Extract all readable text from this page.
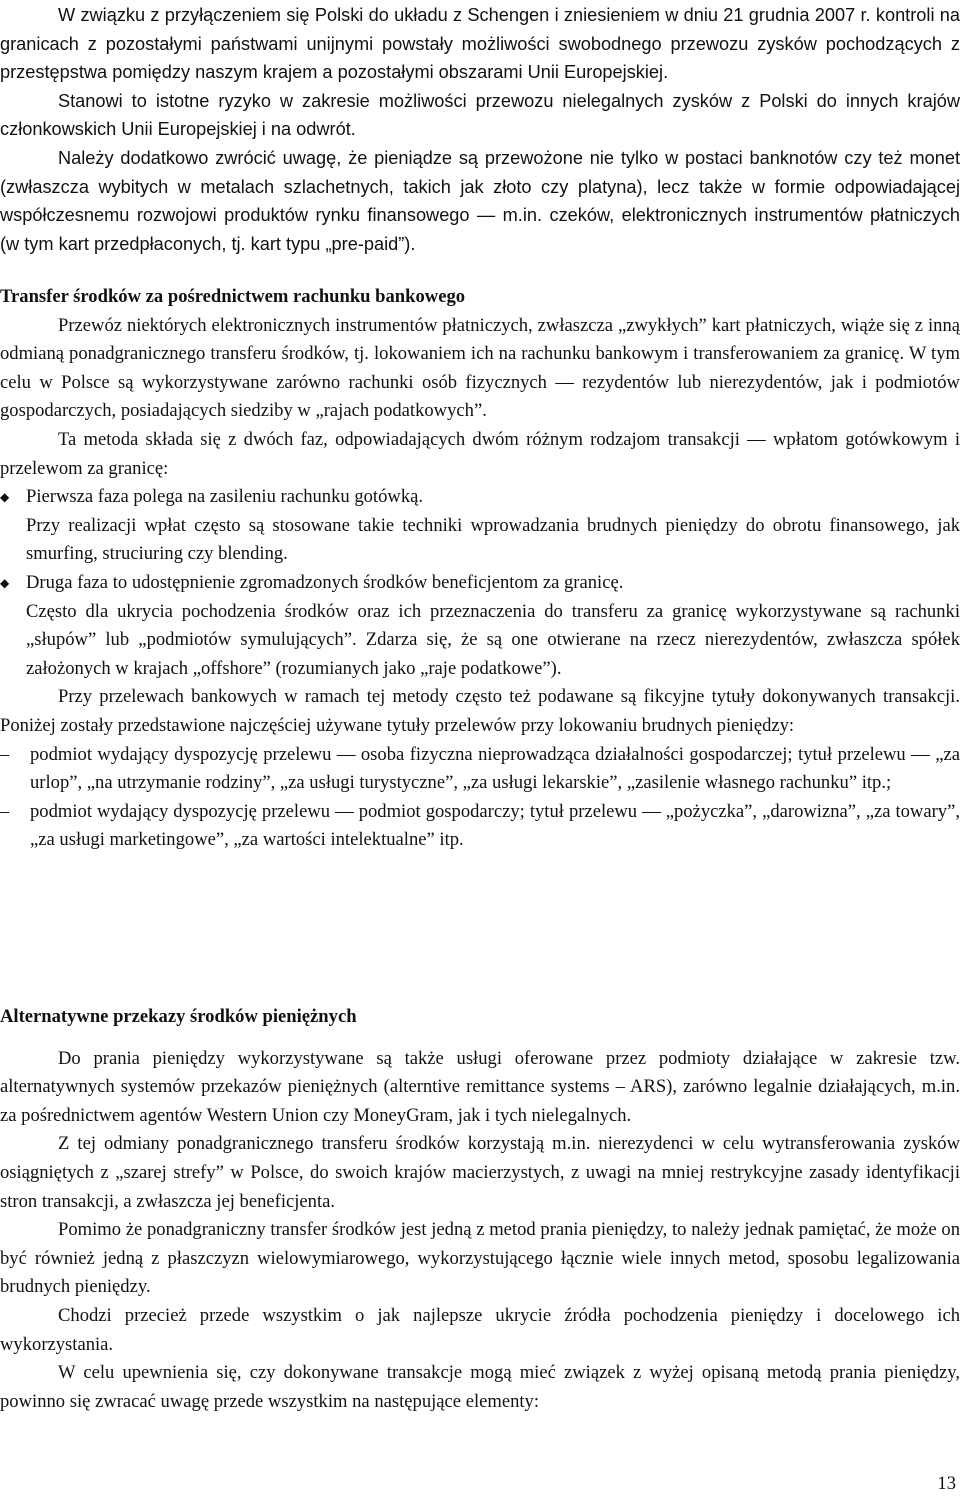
W związku z przyłączeniem się Polski do układu z Schengen i zniesieniem w dniu 21 grudnia 2007 r. kontroli na granicach z pozostałymi państwami unijnymi powstały możliwości swobodnego przewozu zysków pochodzących z przestępstwa pomiędzy naszym krajem a pozostałymi obszarami Unii Europejskiej.

Stanowi to istotne ryzyko w zakresie możliwości przewozu nielegalnych zysków z Polski do innych krajów członkowskich Unii Europejskiej i na odwrót.

Należy dodatkowo zwrócić uwagę, że pieniądze są przewożone nie tylko w postaci banknotów czy też monet (zwłaszcza wybitych w metalach szlachetnych, takich jak złoto czy platyna), lecz także w formie odpowiadającej współczesnemu rozwojowi produktów rynku finansowego — m.in. czeków, elektronicznych instrumentów płatniczych (w tym kart przedpłaconych, tj. kart typu „pre-paid”).

Transfer środków za pośrednictwem rachunku bankowego

Przewóz niektórych elektronicznych instrumentów płatniczych, zwłaszcza „zwykłych” kart płatniczych, wiąże się z inną odmianą ponadgranicznego transferu środków, tj. lokowaniem ich na rachunku bankowym i transferowaniem za granicę. W tym celu w Polsce są wykorzystywane zarówno rachunki osób fizycznych — rezydentów lub nierezydentów, jak i podmiotów gospodarczych, posiadających siedziby w „rajach podatkowych”.

Ta metoda składa się z dwóch faz, odpowiadających dwóm różnym rodzajom transakcji — wpłatom gotówkowym i przelewom za granicę:

◆ Pierwsza faza polega na zasileniu rachunku gotówką.

Przy realizacji wpłat często są stosowane takie techniki wprowadzania brudnych pieniędzy do obrotu finansowego, jak smurfing, struciuring czy blending.

◆ Druga faza to udostępnienie zgromadzonych środków beneficjentom za granicę.

Często dla ukrycia pochodzenia środków oraz ich przeznaczenia do transferu za granicę wykorzystywane są rachunki „słupów” lub „podmiotów symulujących”. Zdarza się, że są one otwierane na rzecz nierezydentów, zwłaszcza spółek założonych w krajach „offshore” (rozumianych jako „raje podatkowe”).

Przy przelewach bankowych w ramach tej metody często też podawane są fikcyjne tytuły dokonywanych transakcji. Poniżej zostały przedstawione najczęściej używane tytuły przelewów przy lokowaniu brudnych pieniędzy:

– podmiot wydający dyspozycję przelewu — osoba fizyczna nieprowadząca działalności gospodarczej; tytuł przelewu — „za urlop”, „na utrzymanie rodziny”, „za usługi turystyczne”, „za usługi lekarskie”, „zasilenie własnego rachunku” itp.;
– podmiot wydający dyspozycję przelewu — podmiot gospodarczy; tytuł przelewu — „pożyczka”, „darowizna”, „za towary”, „za usługi marketingowe”, „za wartości intelektualne” itp.
Alternatywne przekazy środków pieniężnych

Do prania pieniędzy wykorzystywane są także usługi oferowane przez podmioty działające w zakresie tzw. alternatywnych systemów przekazów pieniężnych (alterntive remittance systems – ARS), zarówno legalnie działających, m.in. za pośrednictwem agentów Western Union czy MoneyGram, jak i tych nielegalnych.

Z tej odmiany ponadgranicznego transferu środków korzystają m.in. nierezydenci w celu wytransferowania zysków osiągniętych z „szarej strefy” w Polsce, do swoich krajów macierzystych, z uwagi na mniej restrykcyjne zasady identyfikacji stron transakcji, a zwłaszcza jej beneficjenta.

Pomimo że ponadgraniczny transfer środków jest jedną z metod prania pieniędzy, to należy jednak pamiętać, że może on być również jedną z płaszczyzn wielowymiarowego, wykorzystującego łącznie wiele innych metod, sposobu legalizowania brudnych pieniędzy.

Chodzi przecież przede wszystkim o jak najlepsze ukrycie źródła pochodzenia pieniędzy i docelowego ich wykorzystania.

W celu upewnienia się, czy dokonywane transakcje mogą mieć związek z wyżej opisaną metodą prania pieniędzy, powinno się zwracać uwagę przede wszystkim na następujące elementy:

13
